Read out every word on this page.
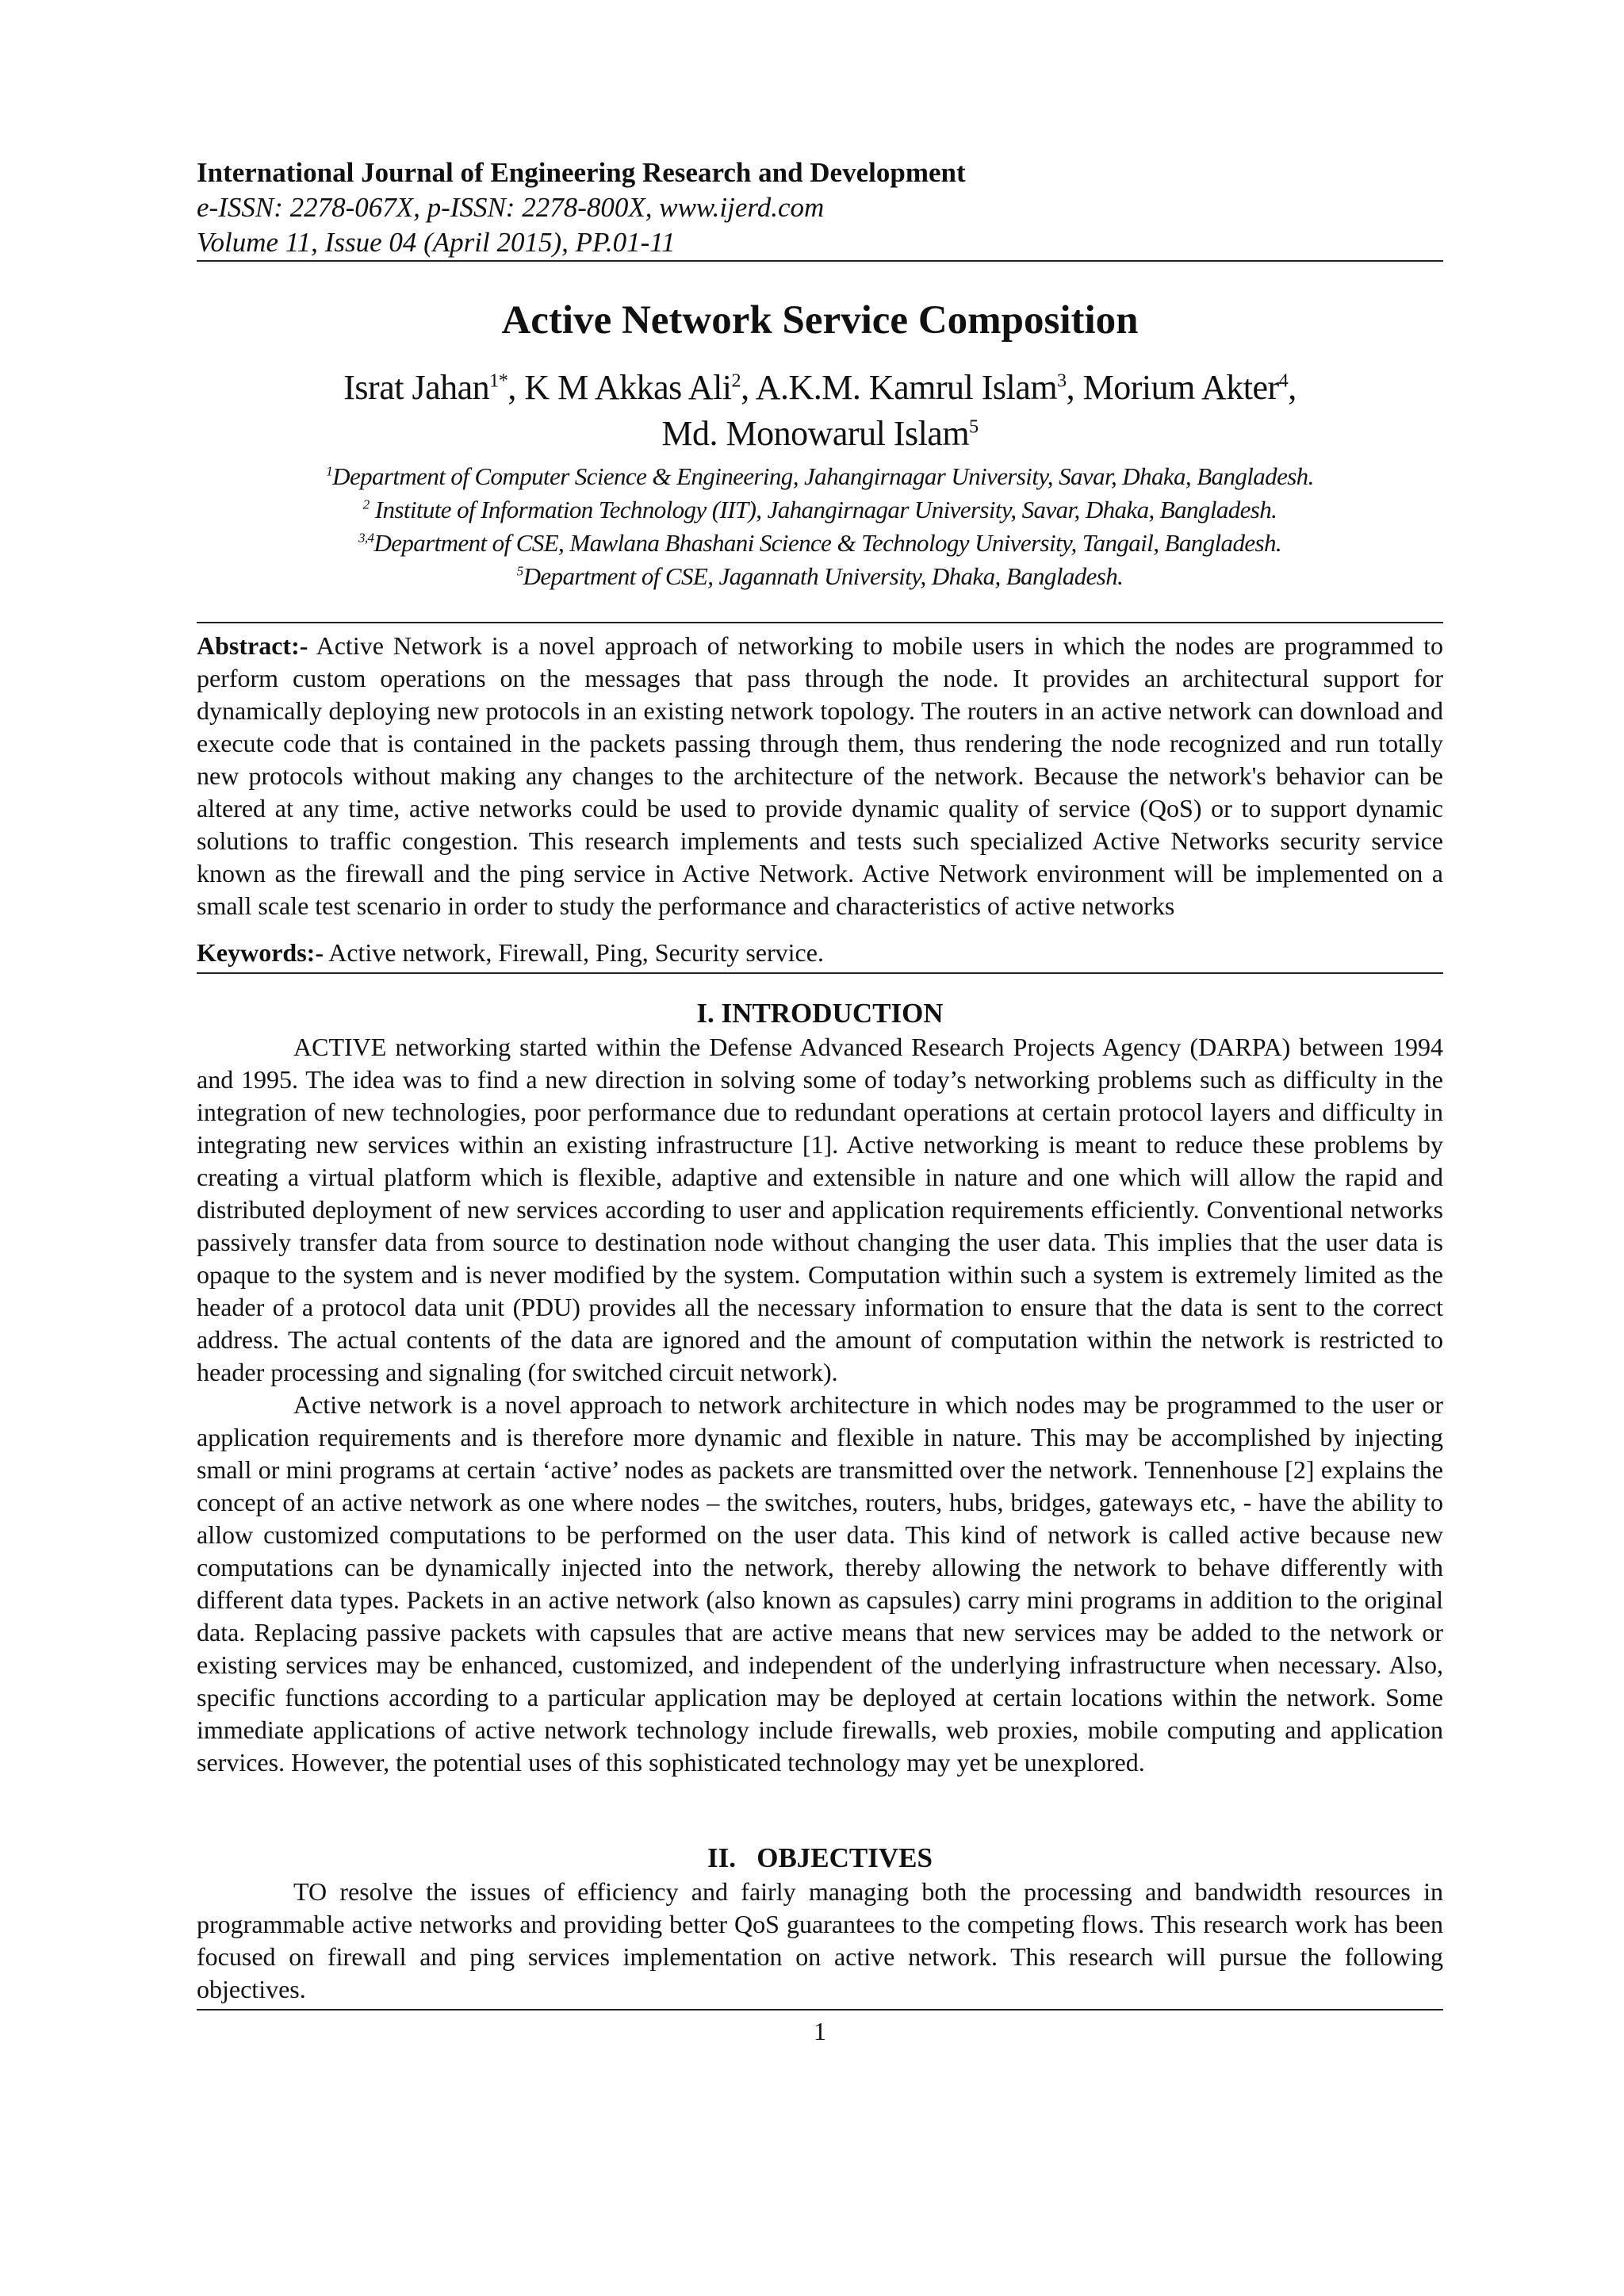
International Journal of Engineering Research and Development
e-ISSN: 2278-067X, p-ISSN: 2278-800X, www.ijerd.com
Volume 11, Issue 04 (April 2015), PP.01-11
Active Network Service Composition
Israt Jahan$^{1*}$, K M Akkas Ali$^2$, A.K.M. Kamrul Islam$^3$, Morium Akter$^4$,
Md. Monowarul Islam$^5$
$^1$Department of Computer Science & Engineering, Jahangirnagar University, Savar, Dhaka, Bangladesh.
$^2$ Institute of Information Technology (IIT), Jahangirnagar University, Savar, Dhaka, Bangladesh.
$^{3,4}$Department of CSE, Mawlana Bhashani Science & Technology University, Tangail, Bangladesh.
$^5$Department of CSE, Jagannath University, Dhaka, Bangladesh.

Abstract:- Active Network is a novel approach of networking to mobile users in which the nodes are programmed to perform custom operations on the messages that pass through the node. It provides an architectural support for dynamically deploying new protocols in an existing network topology. The routers in an active network can download and execute code that is contained in the packets passing through them, thus rendering the node recognized and run totally new protocols without making any changes to the architecture of the network. Because the network's behavior can be altered at any time, active networks could be used to provide dynamic quality of service (QoS) or to support dynamic solutions to traffic congestion. This research implements and tests such specialized Active Networks security service known as the firewall and the ping service in Active Network. Active Network environment will be implemented on a small scale test scenario in order to study the performance and characteristics of active networks

Keywords:- Active network, Firewall, Ping, Security service.
I. INTRODUCTION

ACTIVE networking started within the Defense Advanced Research Projects Agency (DARPA) between 1994 and 1995. The idea was to find a new direction in solving some of today’s networking problems such as difficulty in the integration of new technologies, poor performance due to redundant operations at certain protocol layers and difficulty in integrating new services within an existing infrastructure [1]. Active networking is meant to reduce these problems by creating a virtual platform which is flexible, adaptive and extensible in nature and one which will allow the rapid and distributed deployment of new services according to user and application requirements efficiently. Conventional networks passively transfer data from source to destination node without changing the user data. This implies that the user data is opaque to the system and is never modified by the system. Computation within such a system is extremely limited as the header of a protocol data unit (PDU) provides all the necessary information to ensure that the data is sent to the correct address. The actual contents of the data are ignored and the amount of computation within the network is restricted to header processing and signaling (for switched circuit network).

Active network is a novel approach to network architecture in which nodes may be programmed to the user or application requirements and is therefore more dynamic and flexible in nature. This may be accomplished by injecting small or mini programs at certain ‘active’ nodes as packets are transmitted over the network. Tennenhouse [2] explains the concept of an active network as one where nodes – the switches, routers, hubs, bridges, gateways etc, - have the ability to allow customized computations to be performed on the user data. This kind of network is called active because new computations can be dynamically injected into the network, thereby allowing the network to behave differently with different data types. Packets in an active network (also known as capsules) carry mini programs in addition to the original data. Replacing passive packets with capsules that are active means that new services may be added to the network or existing services may be enhanced, customized, and independent of the underlying infrastructure when necessary. Also, specific functions according to a particular application may be deployed at certain locations within the network. Some immediate applications of active network technology include firewalls, web proxies, mobile computing and application services. However, the potential uses of this sophisticated technology may yet be unexplored.

II.   OBJECTIVES

TO resolve the issues of efficiency and fairly managing both the processing and bandwidth resources in programmable active networks and providing better QoS guarantees to the competing flows. This research work has been focused on firewall and ping services implementation on active network. This research will pursue the following objectives.

1
